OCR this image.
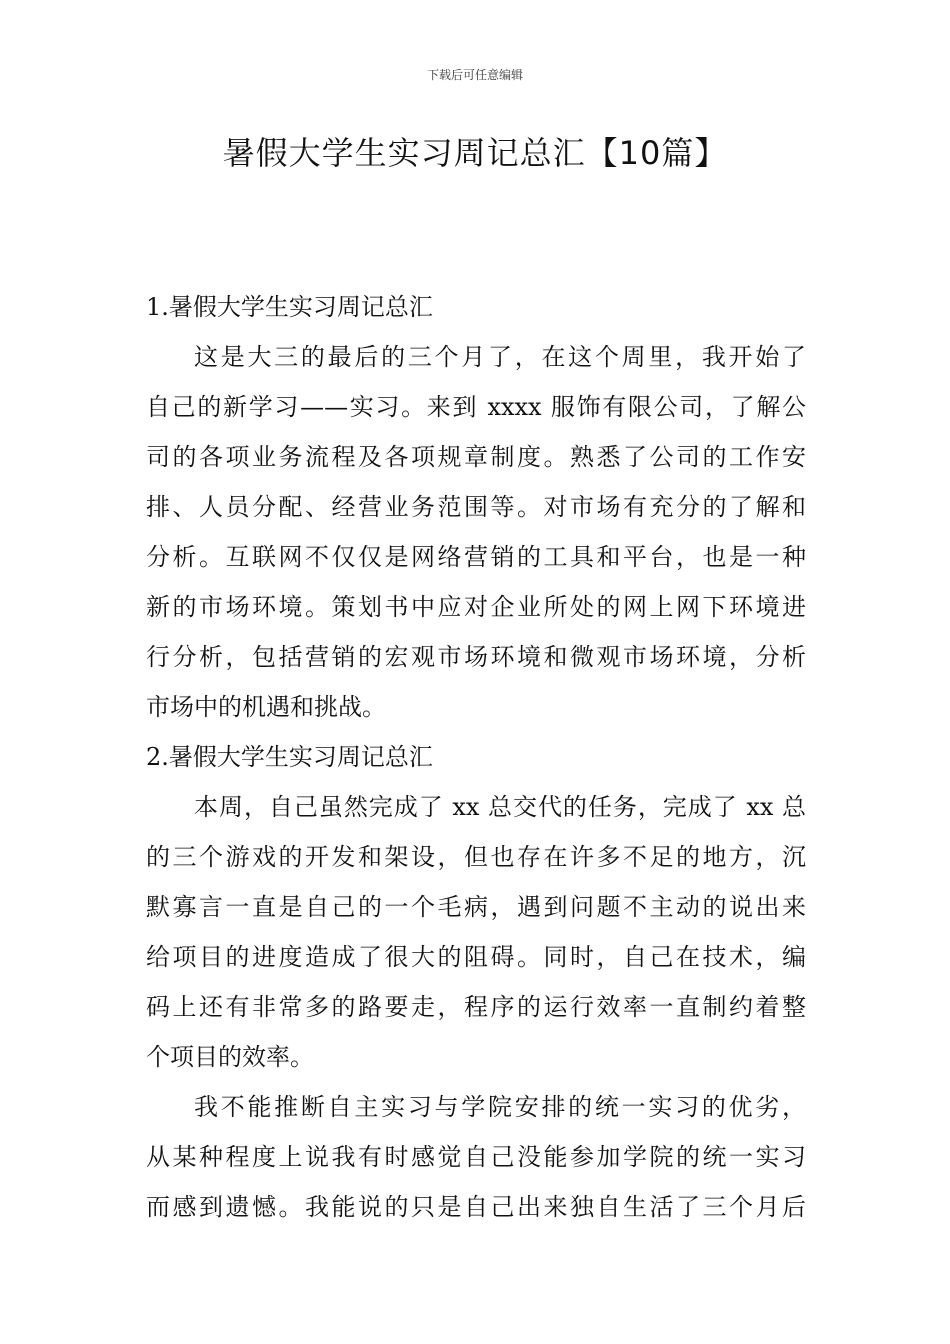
下载后可任意编辑
暑假大学生实习周记总汇【10篇】

1.暑假大学生实习周记总汇

这是大三的最后的三个月了，在这个周里，我开始了
自己的新学习——实习。来到 xxxx 服饰有限公司，了解公
司的各项业务流程及各项规章制度。熟悉了公司的工作安
排、人员分配、经营业务范围等。对市场有充分的了解和
分析。互联网不仅仅是网络营销的工具和平台，也是一种
新的市场环境。策划书中应对企业所处的网上网下环境进
行分析，包括营销的宏观市场环境和微观市场环境，分析
市场中的机遇和挑战。

2.暑假大学生实习周记总汇

本周，自己虽然完成了 xx 总交代的任务，完成了 xx 总
的三个游戏的开发和架设，但也存在许多不足的地方，沉
默寡言一直是自己的一个毛病，遇到问题不主动的说出来
给项目的进度造成了很大的阻碍。同时，自己在技术，编
码上还有非常多的路要走，程序的运行效率一直制约着整
个项目的效率。

我不能推断自主实习与学院安排的统一实习的优劣，
从某种程度上说我有时感觉自己没能参加学院的统一实习
而感到遗憾。我能说的只是自己出来独自生活了三个月后
